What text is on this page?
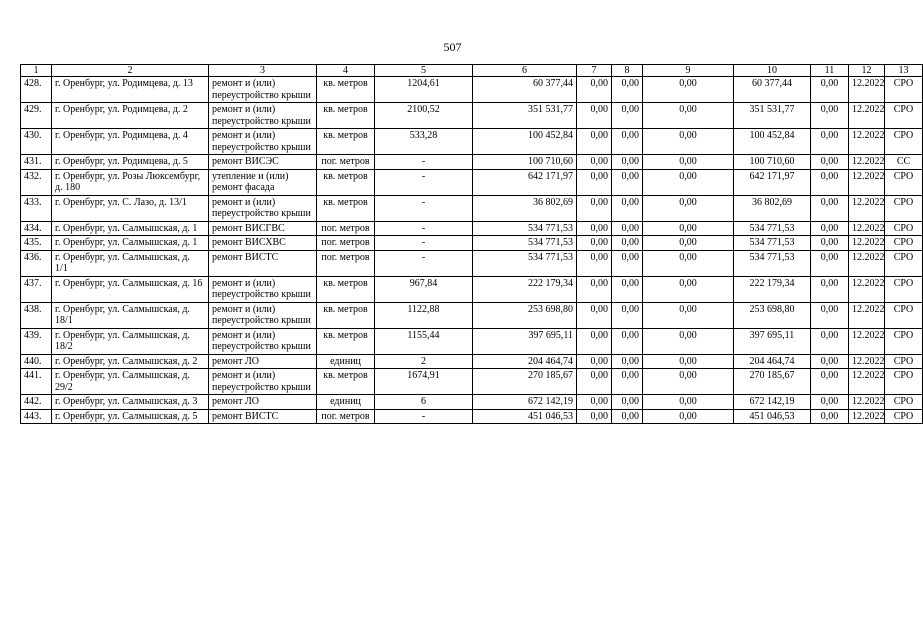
507
1	2	3	4	5	6	7	8	9	10	11	12	13
428.	г. Оренбург, ул. Родимцева, д. 13	ремонт и (или) переустройство крыши	кв. метров	1204,61	60 377,44	0,00	0,00	0,00	60 377,44	0,00	12.2022	СРО
429.	г. Оренбург, ул. Родимцева, д. 2	ремонт и (или) переустройство крыши	кв. метров	2100,52	351 531,77	0,00	0,00	0,00	351 531,77	0,00	12.2022	СРО
430.	г. Оренбург, ул. Родимцева, д. 4	ремонт и (или) переустройство крыши	кв. метров	533,28	100 452,84	0,00	0,00	0,00	100 452,84	0,00	12.2022	СРО
431.	г. Оренбург, ул. Родимцева, д. 5	ремонт ВИСЭС	пог. метров	-	100 710,60	0,00	0,00	0,00	100 710,60	0,00	12.2022	СС
432.	г. Оренбург, ул. Розы Люксембург, д. 180	утепление и (или) ремонт фасада	кв. метров	-	642 171,97	0,00	0,00	0,00	642 171,97	0,00	12.2022	СРО
433.	г. Оренбург, ул. С. Лазо, д. 13/1	ремонт и (или) переустройство крыши	кв. метров	-	36 802,69	0,00	0,00	0,00	36 802,69	0,00	12.2022	СРО
434.	г. Оренбург, ул. Салмышская, д. 1	ремонт ВИСГВС	пог. метров	-	534 771,53	0,00	0,00	0,00	534 771,53	0,00	12.2022	СРО
435.	г. Оренбург, ул. Салмышская, д. 1	ремонт ВИСХВС	пог. метров	-	534 771,53	0,00	0,00	0,00	534 771,53	0,00	12.2022	СРО
436.	г. Оренбург, ул. Салмышская, д. 1/1	ремонт ВИСТС	пог. метров	-	534 771,53	0,00	0,00	0,00	534 771,53	0,00	12.2022	СРО
437.	г. Оренбург, ул. Салмышская, д. 16	ремонт и (или) переустройство крыши	кв. метров	967,84	222 179,34	0,00	0,00	0,00	222 179,34	0,00	12.2022	СРО
438.	г. Оренбург, ул. Салмышская, д. 18/1	ремонт и (или) переустройство крыши	кв. метров	1122,88	253 698,80	0,00	0,00	0,00	253 698,80	0,00	12.2022	СРО
439.	г. Оренбург, ул. Салмышская, д. 18/2	ремонт и (или) переустройство крыши	кв. метров	1155,44	397 695,11	0,00	0,00	0,00	397 695,11	0,00	12.2022	СРО
440.	г. Оренбург, ул. Салмышская, д. 2	ремонт ЛО	единиц	2	204 464,74	0,00	0,00	0,00	204 464,74	0,00	12.2022	СРО
441.	г. Оренбург, ул. Салмышская, д. 29/2	ремонт и (или) переустройство крыши	кв. метров	1674,91	270 185,67	0,00	0,00	0,00	270 185,67	0,00	12.2022	СРО
442.	г. Оренбург, ул. Салмышская, д. 3	ремонт ЛО	единиц	6	672 142,19	0,00	0,00	0,00	672 142,19	0,00	12.2022	СРО
443.	г. Оренбург, ул. Салмышская, д. 5	ремонт ВИСТС	пог. метров	-	451 046,53	0,00	0,00	0,00	451 046,53	0,00	12.2022	СРО
